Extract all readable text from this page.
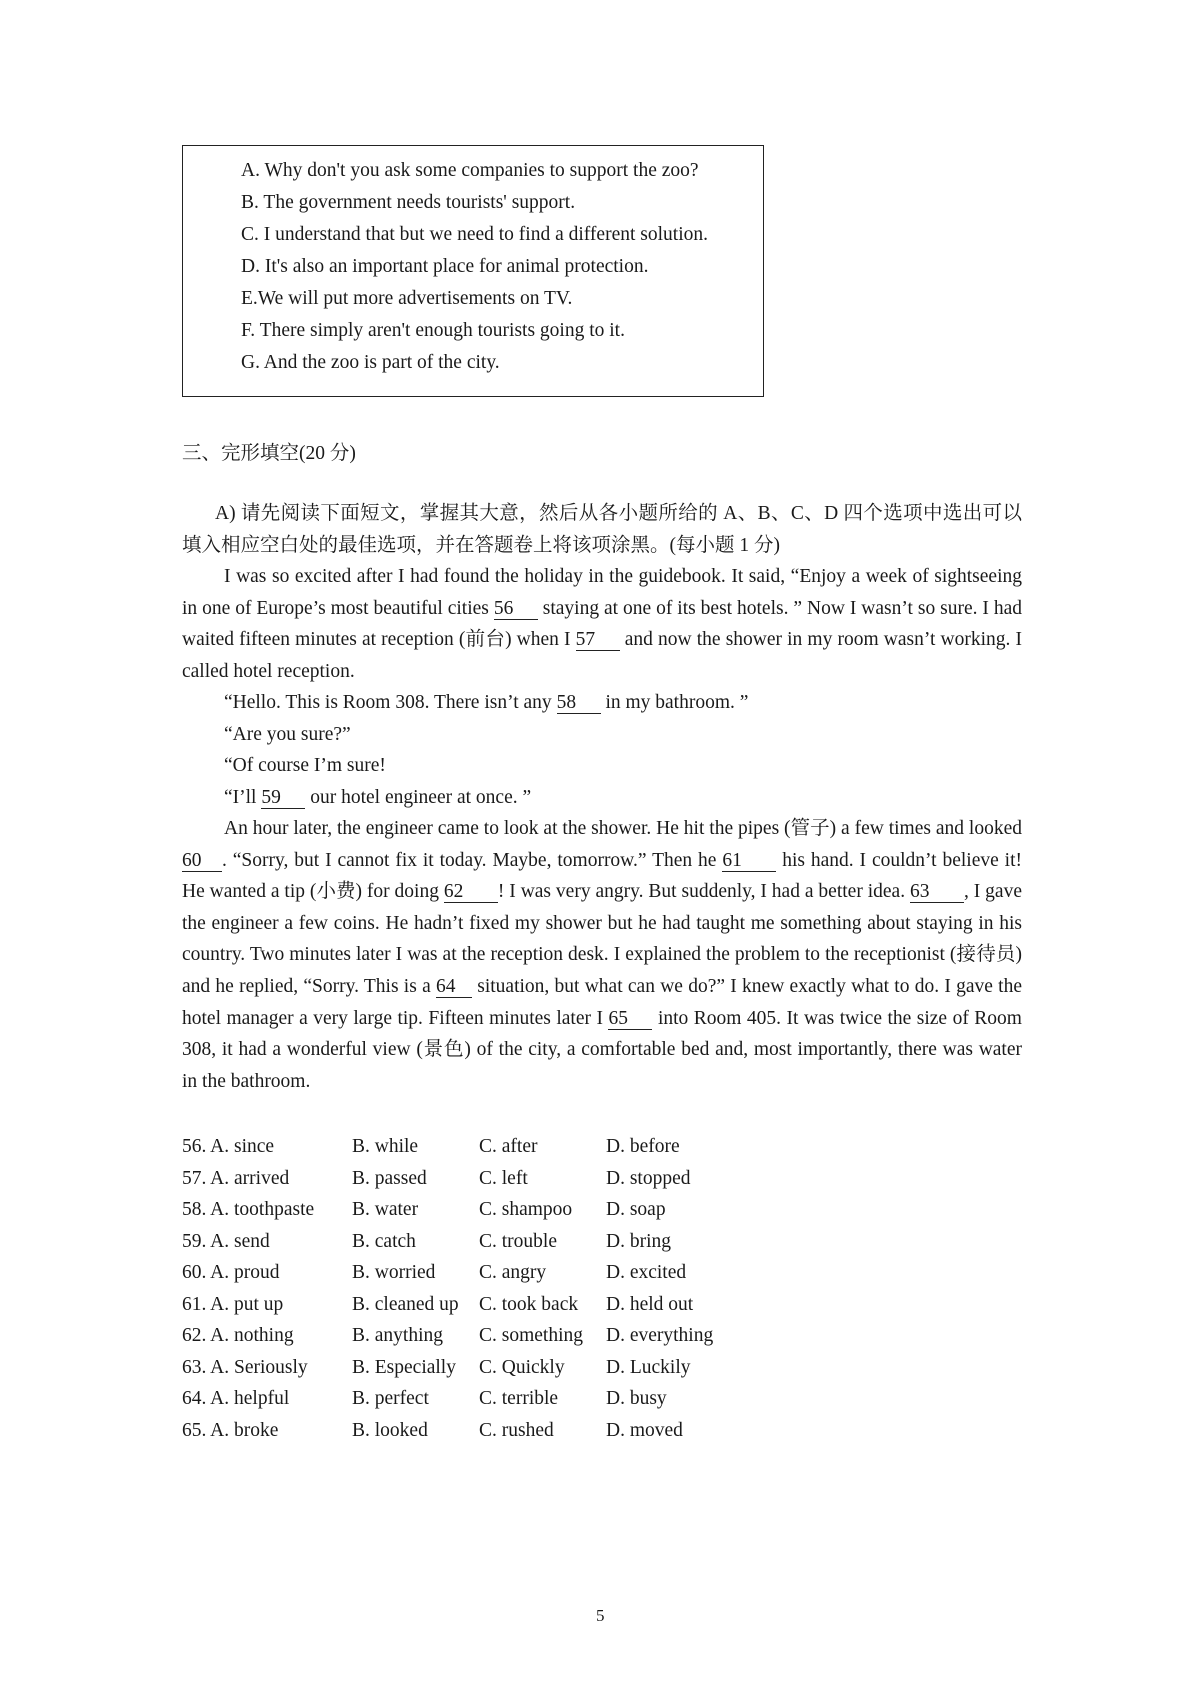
A. Why don't you ask some companies to support the zoo?
B. The government needs tourists' support.
C. I understand that but we need to find a different solution.
D. It's also an important place for animal protection.
E.We will put more advertisements on TV.
F. There simply aren't enough tourists going to it.
G. And the zoo is part of the city.
三、完形填空(20 分)
A) 请先阅读下面短文，掌握其大意，然后从各小题所给的 A、B、C、D 四个选项中选出可以填入相应空白处的最佳选项，并在答题卷上将该项涂黑。(每小题 1 分)
I was so excited after I had found the holiday in the guidebook. It said, “Enjoy a week of sightseeing in one of Europe’s most beautiful cities 56 staying at one of its best hotels. ” Now I wasn’t so sure. I had waited fifteen minutes at reception (前台) when I 57 and now the shower in my room wasn’t working. I called hotel reception.
“Hello. This is Room 308. There isn’t any 58 in my bathroom. ”
“Are you sure?”
“Of course I’m sure!
“I’ll 59 our hotel engineer at once. ”
An hour later, the engineer came to look at the shower. He hit the pipes (管子) a few times and looked 60 . “Sorry, but I cannot fix it today. Maybe, tomorrow.” Then he 61 his hand. I couldn’t believe it! He wanted a tip (小费) for doing 62 ! I was very angry. But suddenly, I had a better idea. 63 , I gave the engineer a few coins. He hadn’t fixed my shower but he had taught me something about staying in his country. Two minutes later I was at the reception desk. I explained the problem to the receptionist (接待员) and he replied, “Sorry. This is a 64 situation, but what can we do?” I knew exactly what to do. I gave the hotel manager a very large tip. Fifteen minutes later I 65 into Room 405. It was twice the size of Room 308, it had a wonderful view (景色) of the city, a comfortable bed and, most importantly, there was water in the bathroom.
56. A. since	B. while	C. after	D. before
57. A. arrived	B. passed	C. left	D. stopped
58. A. toothpaste B. water	C. shampoo D. soap
59. A. send	B. catch	C. trouble	D. bring
60. A. proud	B. worried C. angry	D. excited
61. A. put up	B. cleaned up C. took back D. held out
62. A. nothing	B. anything C. something D. everything
63. A. Seriously B. Especially C. Quickly D. Luckily
64. A. helpful	B. perfect	C. terrible D. busy
65. A. broke	B. looked	C. rushed	D. moved
5
